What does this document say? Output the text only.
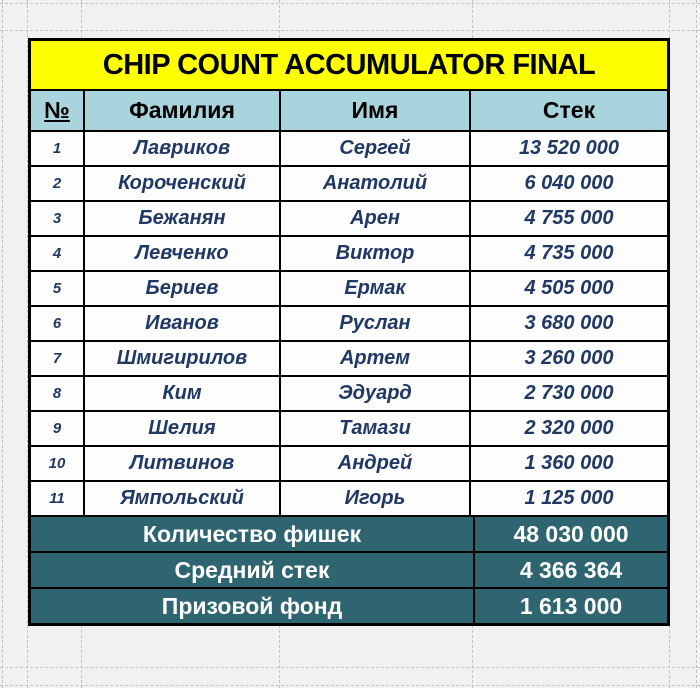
CHIP COUNT ACCUMULATOR FINAL
№	Фамилия	Имя	Стек
1	Лавриков	Сергей	13 520 000
2	Короченский	Анатолий	6 040 000
3	Бежанян	Арен	4 755 000
4	Левченко	Виктор	4 735 000
5	Бериев	Ермак	4 505 000
6	Иванов	Руслан	3 680 000
7	Шмигирилов	Артем	3 260 000
8	Ким	Эдуард	2 730 000
9	Шелия	Тамази	2 320 000
10	Литвинов	Андрей	1 360 000
11	Ямпольский	Игорь	1 125 000
Количество фишек	48 030 000
Средний стек	4 366 364
Призовой фонд	1 613 000
